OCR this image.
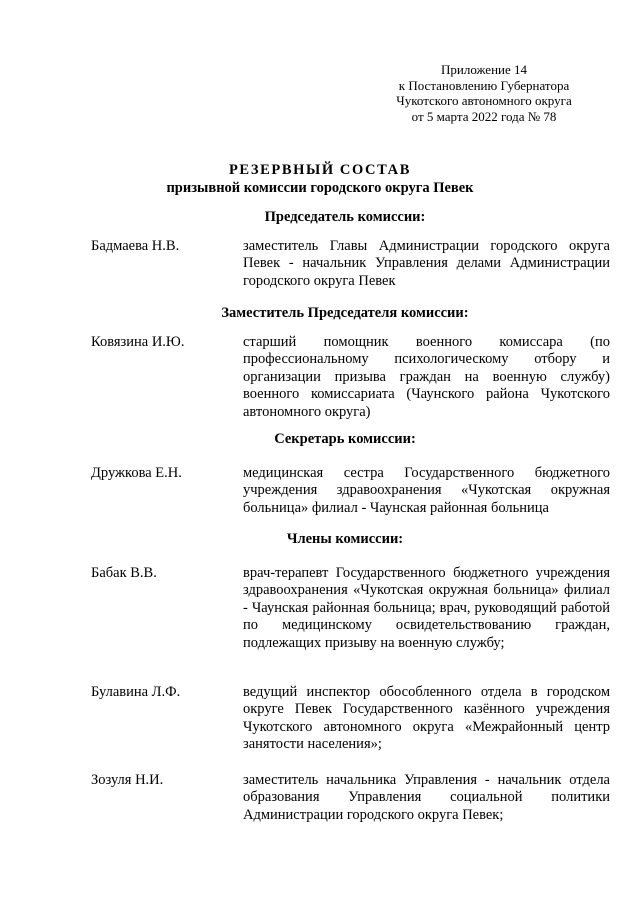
Приложение 14
к Постановлению Губернатора
Чукотского автономного округа
от 5 марта 2022 года № 78
РЕЗЕРВНЫЙ СОСТАВ
призывной комиссии городского округа Певек
Председатель комиссии:
Бадмаева Н.В.	заместитель Главы Администрации городского округа Певек - начальник Управления делами Администрации городского округа Певек
Заместитель Председателя комиссии:
Ковязина И.Ю.	старший помощник военного комиссара (по профессиональному психологическому отбору и организации призыва граждан на военную службу) военного комиссариата (Чаунского района Чукотского автономного округа)
Секретарь комиссии:
Дружкова Е.Н.	медицинская сестра Государственного бюджетного учреждения здравоохранения «Чукотская окружная больница» филиал - Чаунская районная больница
Члены комиссии:
Бабак В.В.	врач-терапевт Государственного бюджетного учреждения здравоохранения «Чукотская окружная больница» филиал - Чаунская районная больница; врач, руководящий работой по медицинскому освидетельствованию граждан, подлежащих призыву на военную службу;
Булавина Л.Ф.	ведущий инспектор обособленного отдела в городском округе Певек Государственного казённого учреждения Чукотского автономного округа «Межрайонный центр занятости населения»;
Зозуля Н.И.	заместитель начальника Управления - начальник отдела образования Управления социальной политики Администрации городского округа Певек;
